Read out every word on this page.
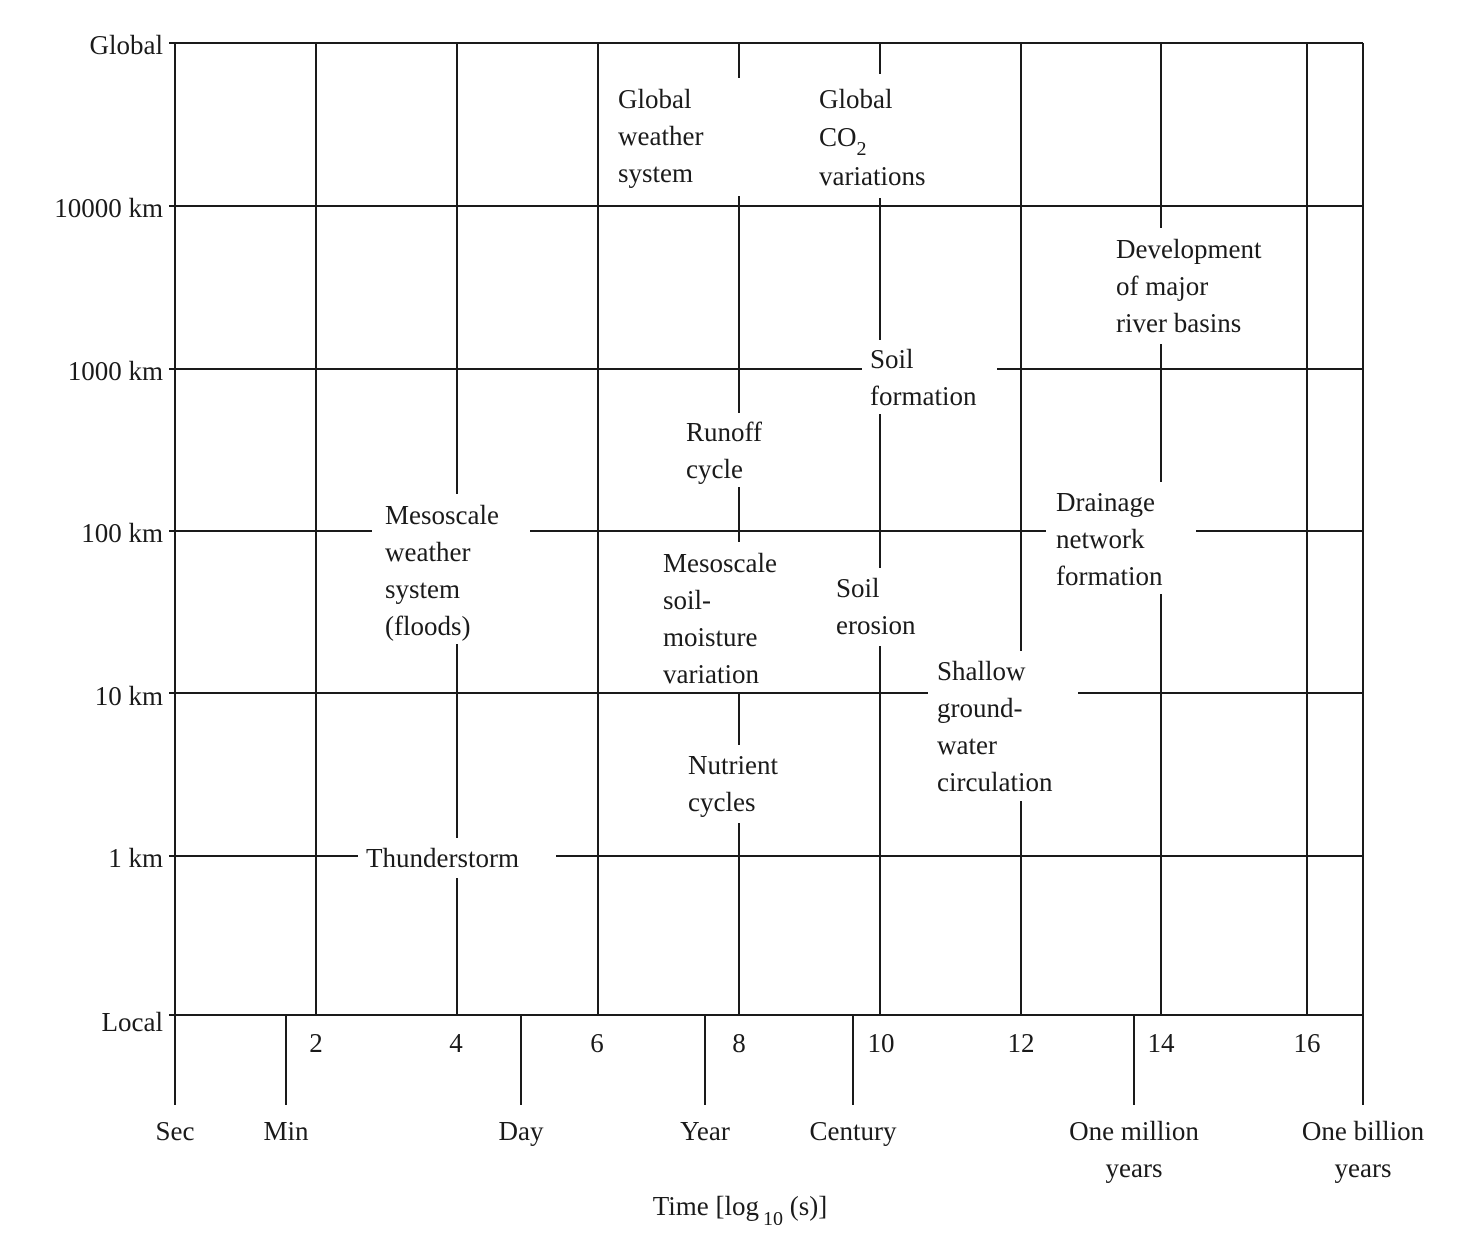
Global
10000 km
1000 km
100 km
10 km
1 km
Local
2	4	6	8	10	12	14	16
Sec	Min	Day	Year	Century	One million
years
One billion
years
Time [log $_{10}$ (s)]
Global weather system
Global $CO_2$ variations
Development of major river basins
Soil formation
Runoff cycle
Mesoscale weather system (floods)
Drainage network formation
Mesoscale soil- moisture variation
Soil erosion
Shallow ground- water circulation
Nutrient cycles
Thunderstorm
